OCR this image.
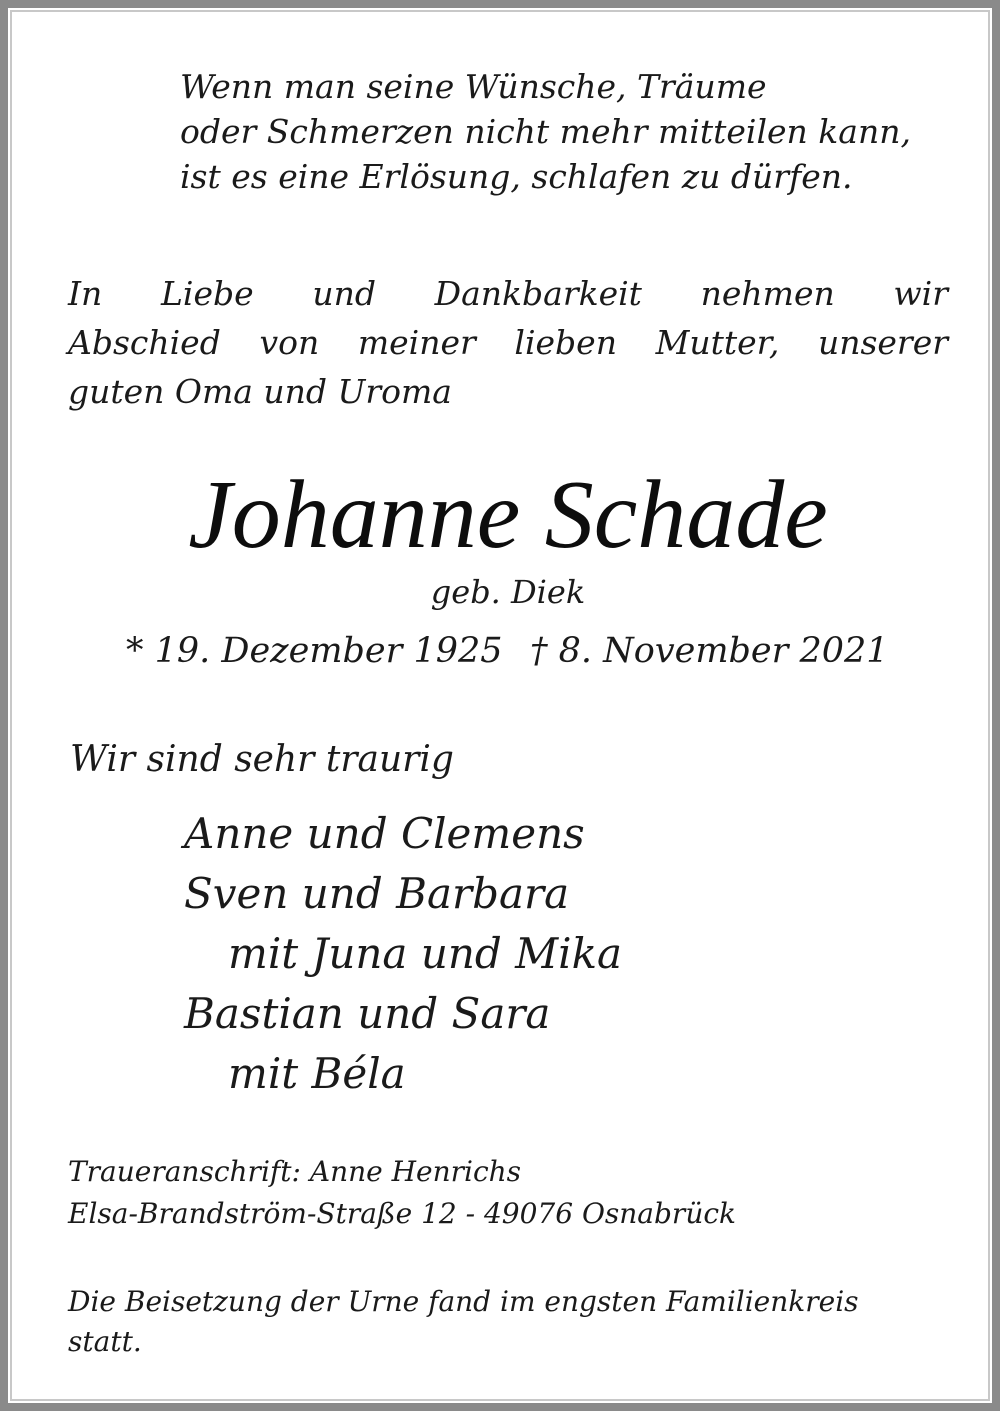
Wenn man seine Wünsche, Träume

oder Schmerzen nicht mehr mitteilen kann,

ist es eine Erlösung, schlafen zu dürfen.

In Liebe und Dankbarkeit nehmen wir

Abschied von meiner lieben Mutter, unserer

guten Oma und Uroma

Johanne Schade

geb. Diek

* 19. Dezember 1925 † 8. November 2021

Wir sind sehr traurig

Anne und Clemens

Sven und Barbara

mit Juna und Mika

Bastian und Sara

mit Béla

Traueranschrift: Anne Henrichs

Elsa-Brandström-Straße 12 - 49076 Osnabrück

Die Beisetzung der Urne fand im engsten Familienkreis

statt.
